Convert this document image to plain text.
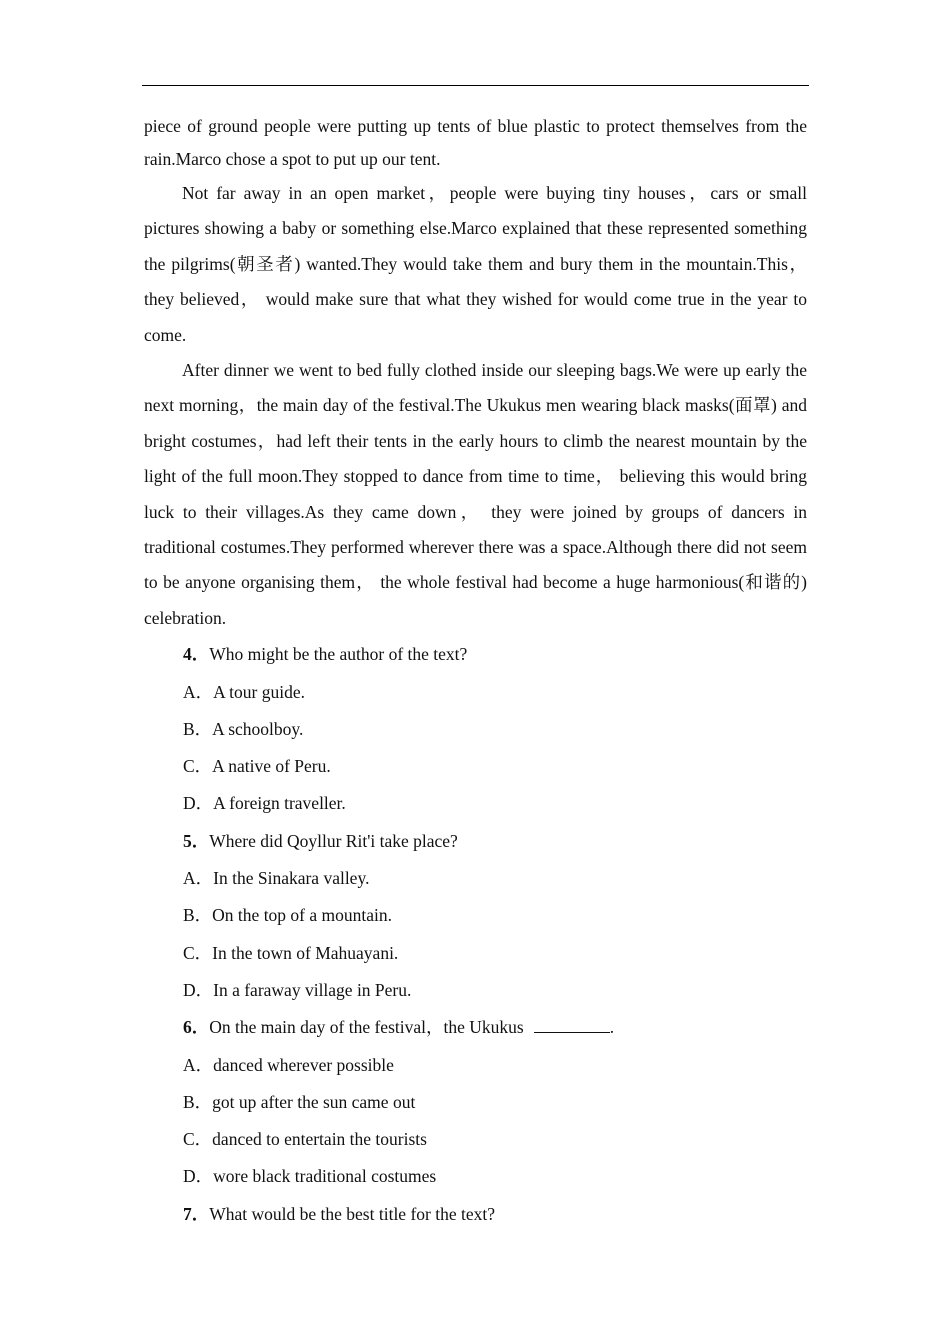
piece of ground people were putting up tents of blue plastic to protect themselves from the rain.Marco chose a spot to put up our tent.

Not far away in an open market，people were buying tiny houses，cars or small pictures showing a baby or something else.Marco explained that these represented something the pilgrims(朝圣者) wanted.They would take them and bury them in the mountain.This， they believed， would make sure that what they wished for would come true in the year to come.

After dinner we went to bed fully clothed inside our sleeping bags.We were up early the next morning，the main day of the festival.The Ukukus men wearing black masks(面罩) and bright costumes，had left their tents in the early hours to climb the nearest mountain by the light of the full moon.They stopped to dance from time to time， believing this would bring luck to their villages.As they came down， they were joined by groups of dancers in traditional costumes.They performed wherever there was a space.Although there did not seem to be anyone organising them， the whole festival had become a huge harmonious(和谐的) celebration.

4．Who might be the author of the text?

A．A tour guide.

B．A schoolboy.

C．A native of Peru.

D．A foreign traveller.

5．Where did Qoyllur Rit'i take place?

A．In the Sinakara valley.

B．On the top of a mountain.

C．In the town of Mahuayani.

D．In a faraway village in Peru.

6．On the main day of the festival，the Ukukus	.

A．danced wherever possible

B．got up after the sun came out

C．danced to entertain the tourists

D．wore black traditional costumes

7．What would be the best title for the text?
